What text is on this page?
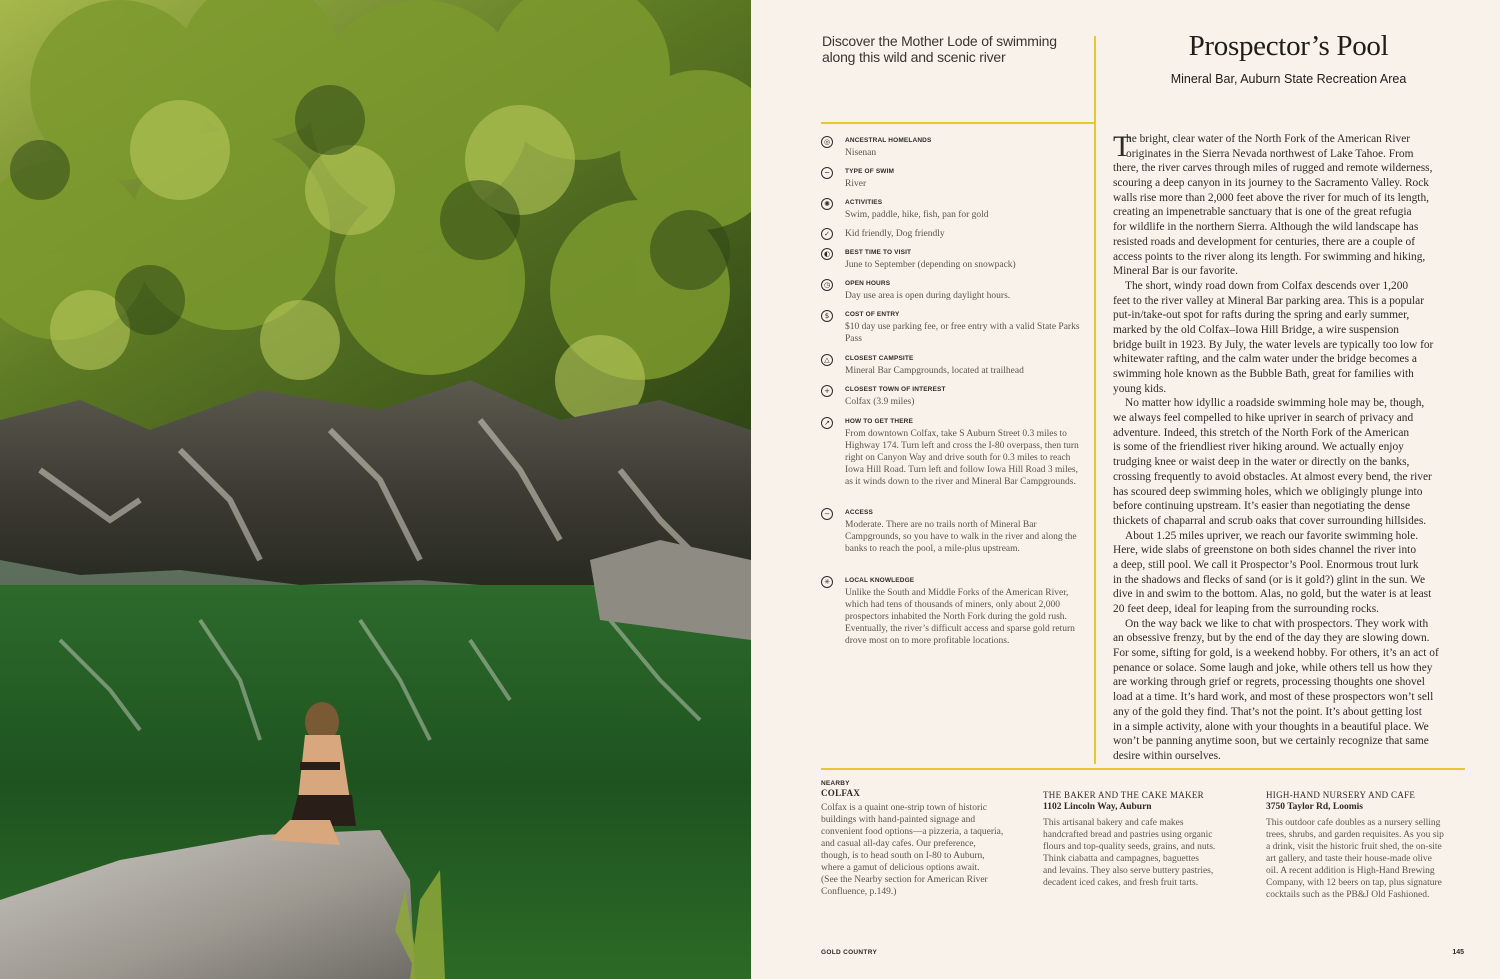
Discover the Mother Lode of swimming
along this wild and scenic river	Prospector’s Pool
Mineral Bar, Auburn State Recreation Area
◎	ANCESTRAL HOMELANDS
Nisenan
~	TYPE OF SWIM
River
✺	ACTIVITIES
Swim, paddle, hike, fish, pan for gold
✓	Kid friendly, Dog friendly
◐	BEST TIME TO VISIT
June to September (depending on snowpack)
◷	OPEN HOURS
Day use area is open during daylight hours.
$	COST OF ENTRY
$10 day use parking fee, or free entry with a valid State Parks Pass
△	CLOSEST CAMPSITE
Mineral Bar Campgrounds, located at trailhead
+	CLOSEST TOWN OF INTEREST
Colfax (3.9 miles)
↗	HOW TO GET THERE
From downtown Colfax, take S Auburn Street 0.3 miles to Highway 174. Turn left and cross the I-80 overpass, then turn right on Canyon Way and drive south for 0.3 miles to reach Iowa Hill Road. Turn left and follow Iowa Hill Road 3 miles, as it winds down to the river and Mineral Bar Campgrounds.
−	ACCESS
Moderate. There are no trails north of Mineral Bar Campgrounds, so you have to walk in the river and along the banks to reach the pool, a mile-plus upstream.
✳	LOCAL KNOWLEDGE
Unlike the South and Middle Forks of the American River, which had tens of thousands of miners, only about 2,000 prospectors inhabited the North Fork during the gold rush. Eventually, the river’s difficult access and sparse gold return drove most on to more profitable locations.
T
he bright, clear water of the North Fork of the American River
originates in the Sierra Nevada northwest of Lake Tahoe. From
there, the river carves through miles of rugged and remote wilderness,
scouring a deep canyon in its journey to the Sacramento Valley. Rock
walls rise more than 2,000 feet above the river for much of its length,
creating an impenetrable sanctuary that is one of the great refugia
for wildlife in the northern Sierra. Although the wild landscape has
resisted roads and development for centuries, there are a couple of
access points to the river along its length. For swimming and hiking,
Mineral Bar is our favorite.
The short, windy road down from Colfax descends over 1,200
feet to the river valley at Mineral Bar parking area. This is a popular
put-in/take-out spot for rafts during the spring and early summer,
marked by the old Colfax–Iowa Hill Bridge, a wire suspension
bridge built in 1923. By July, the water levels are typically too low for
whitewater rafting, and the calm water under the bridge becomes a
swimming hole known as the Bubble Bath, great for families with
young kids.
No matter how idyllic a roadside swimming hole may be, though,
we always feel compelled to hike upriver in search of privacy and
adventure. Indeed, this stretch of the North Fork of the American
is some of the friendliest river hiking around. We actually enjoy
trudging knee or waist deep in the water or directly on the banks,
crossing frequently to avoid obstacles. At almost every bend, the river
has scoured deep swimming holes, which we obligingly plunge into
before continuing upstream. It’s easier than negotiating the dense
thickets of chaparral and scrub oaks that cover surrounding hillsides.
About 1.25 miles upriver, we reach our favorite swimming hole.
Here, wide slabs of greenstone on both sides channel the river into
a deep, still pool. We call it Prospector’s Pool. Enormous trout lurk
in the shadows and flecks of sand (or is it gold?) glint in the sun. We
dive in and swim to the bottom. Alas, no gold, but the water is at least
20 feet deep, ideal for leaping from the surrounding rocks.
On the way back we like to chat with prospectors. They work with
an obsessive frenzy, but by the end of the day they are slowing down.
For some, sifting for gold, is a weekend hobby. For others, it’s an act of
penance or solace. Some laugh and joke, while others tell us how they
are working through grief or regrets, processing thoughts one shovel
load at a time. It’s hard work, and most of these prospectors won’t sell
any of the gold they find. That’s not the point. It’s about getting lost
in a simple activity, alone with your thoughts in a beautiful place. We
won’t be panning anytime soon, but we certainly recognize that same
desire within ourselves.
NEARBY
COLFAX
Colfax is a quaint one-strip town of historic
buildings with hand-painted signage and
convenient food options—a pizzeria, a taqueria,
and casual all-day cafes. Our preference,
though, is to head south on I-80 to Auburn,
where a gamut of delicious options await.
(See the Nearby section for American River
Confluence, p.149.)
THE BAKER AND THE CAKE MAKER
1102 Lincoln Way, Auburn
This artisanal bakery and cafe makes
handcrafted bread and pastries using organic
flours and top-quality seeds, grains, and nuts.
Think ciabatta and campagnes, baguettes
and levains. They also serve buttery pastries,
decadent iced cakes, and fresh fruit tarts.
HIGH-HAND NURSERY AND CAFE
3750 Taylor Rd, Loomis
This outdoor cafe doubles as a nursery selling
trees, shrubs, and garden requisites. As you sip
a drink, visit the historic fruit shed, the on-site
art gallery, and taste their house-made olive
oil. A recent addition is High-Hand Brewing
Company, with 12 beers on tap, plus signature
cocktails such as the PB&J Old Fashioned.
GOLD COUNTRY	145
